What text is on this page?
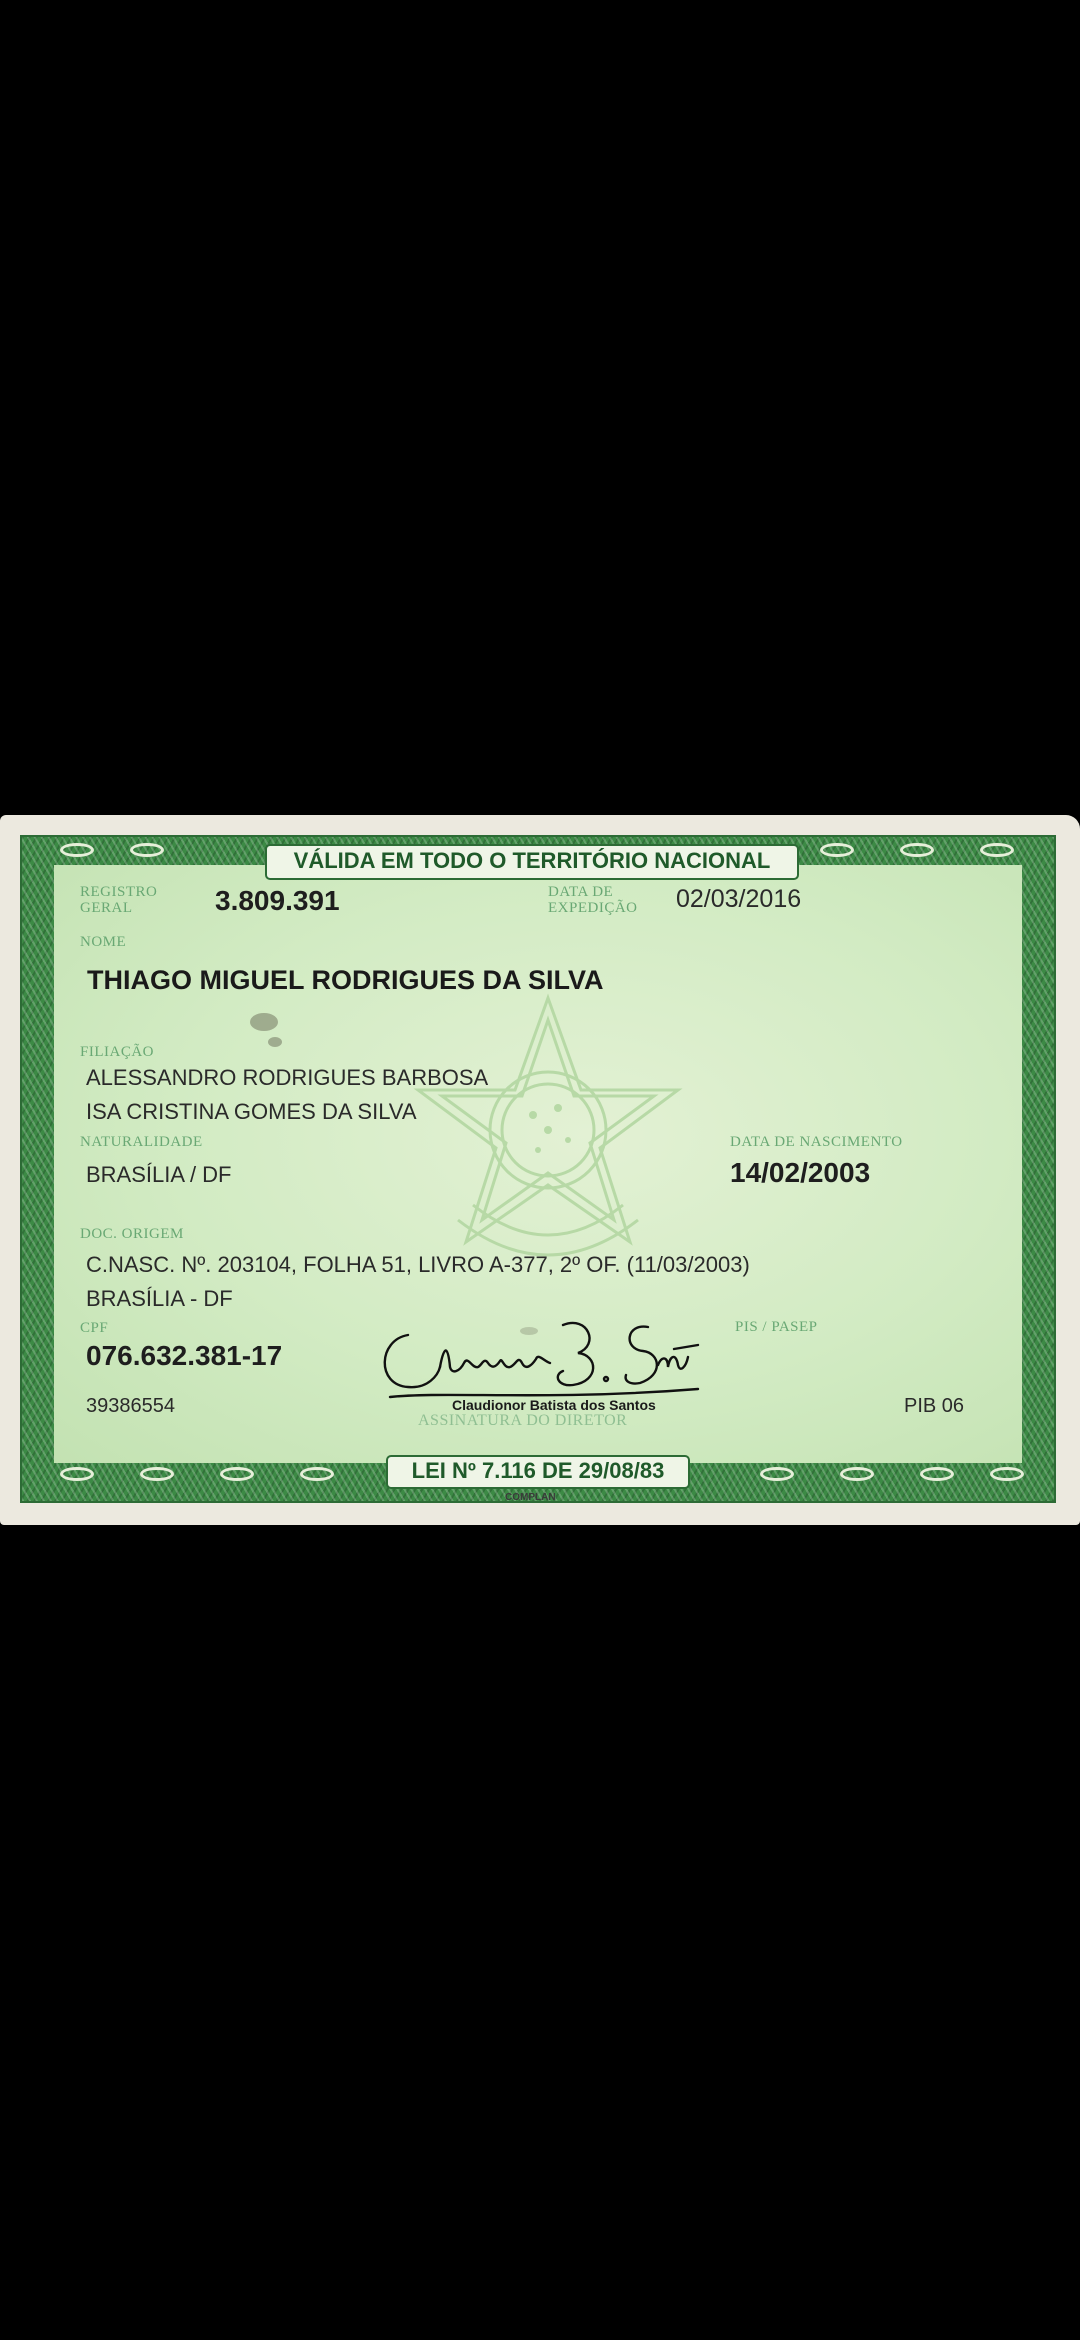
VÁLIDA EM TODO O TERRITÓRIO NACIONAL
REGISTRO
GERAL	3.809.391	DATA DE
EXPEDIÇÃO 02/03/2016
NOME
THIAGO MIGUEL RODRIGUES DA SILVA
FILIAÇÃO
ALESSANDRO RODRIGUES BARBOSA
ISA CRISTINA GOMES DA SILVA
NATURALIDADE
BRASÍLIA / DF
DATA DE NASCIMENTO
14/02/2003
DOC. ORIGEM
C.NASC. Nº. 203104, FOLHA 51, LIVRO A-377, 2º OF. (11/03/2003)
BRASÍLIA - DF
CPF
076.632.381-17
PIS / PASEP
39386554	PIB 06
Claudionor Batista dos Santos
ASSINATURA DO DIRETOR
LEI Nº 7.116 DE 29/08/83
COMPLAN
